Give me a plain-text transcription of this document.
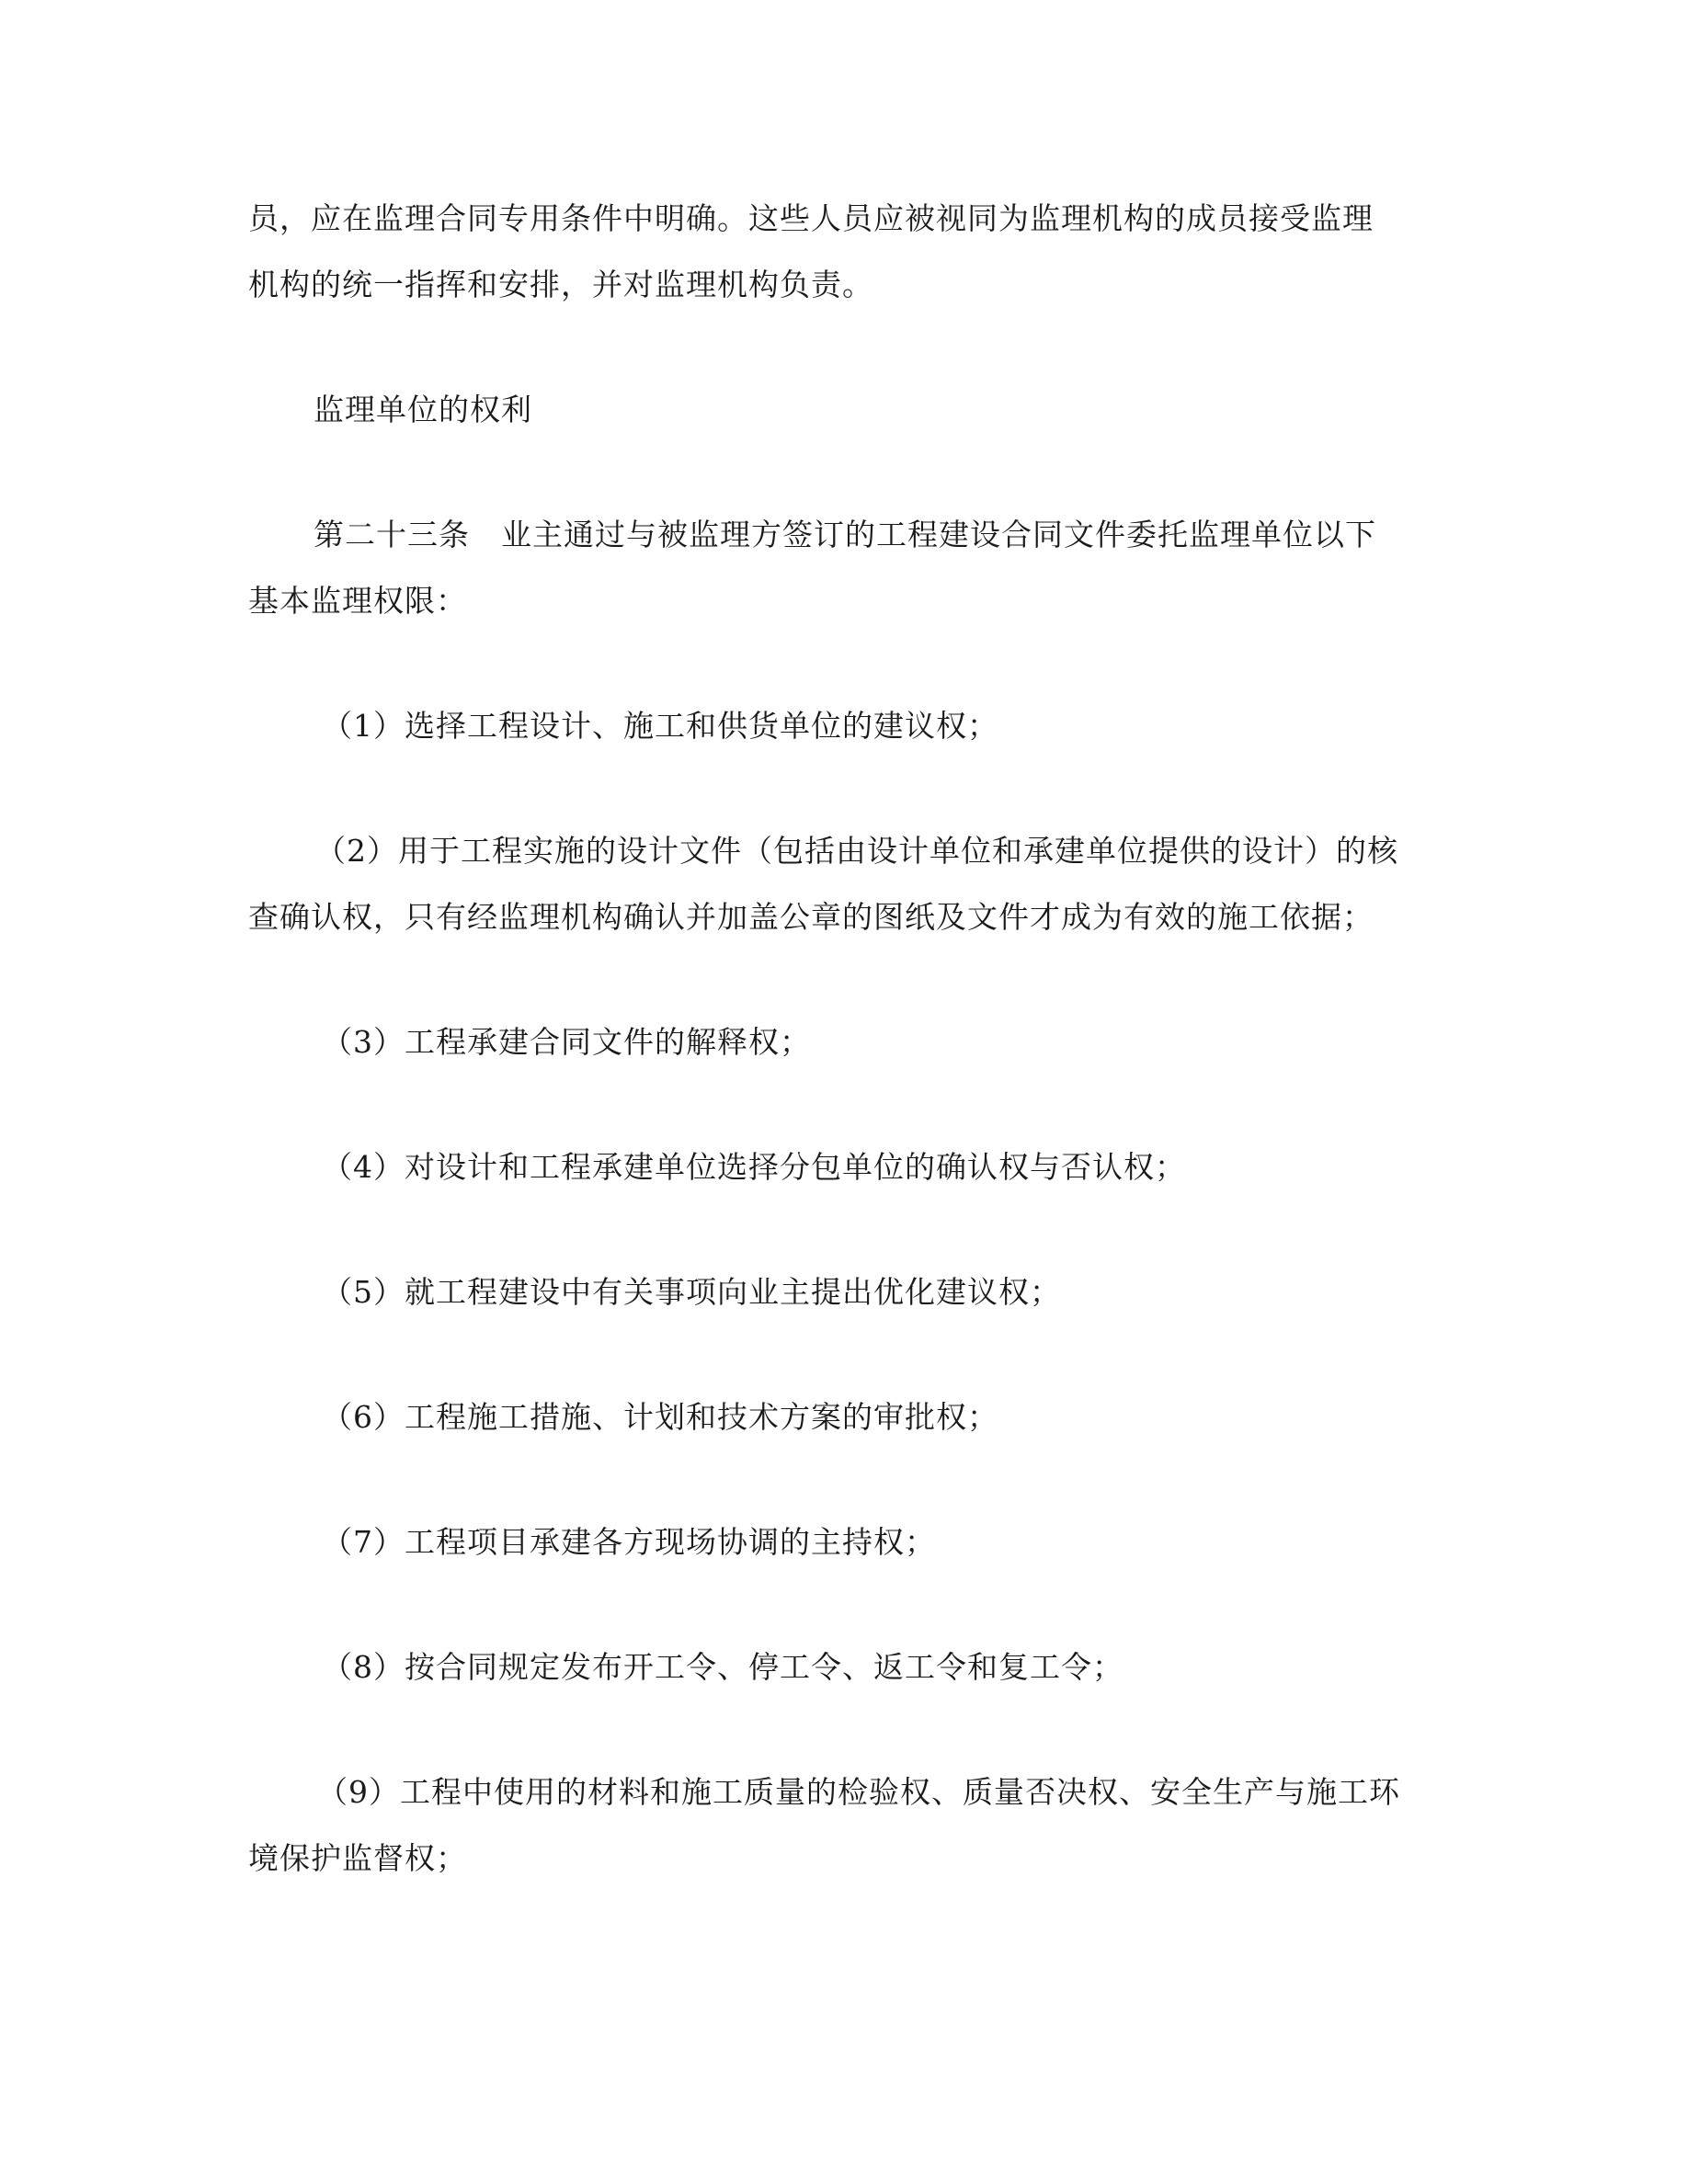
员，应在监理合同专用条件中明确。这些人员应被视同为监理机构的成员接受监理
机构的统一指挥和安排，并对监理机构负责。
监理单位的权利
第二十三条　业主通过与被监理方签订的工程建设合同文件委托监理单位以下
基本监理权限：
（1）选择工程设计、施工和供货单位的建议权；
（2）用于工程实施的设计文件（包括由设计单位和承建单位提供的设计）的核
查确认权，只有经监理机构确认并加盖公章的图纸及文件才成为有效的施工依据；
（3）工程承建合同文件的解释权；
（4）对设计和工程承建单位选择分包单位的确认权与否认权；
（5）就工程建设中有关事项向业主提出优化建议权；
（6）工程施工措施、计划和技术方案的审批权；
（7）工程项目承建各方现场协调的主持权；
（8）按合同规定发布开工令、停工令、返工令和复工令；
（9）工程中使用的材料和施工质量的检验权、质量否决权、安全生产与施工环
境保护监督权；
